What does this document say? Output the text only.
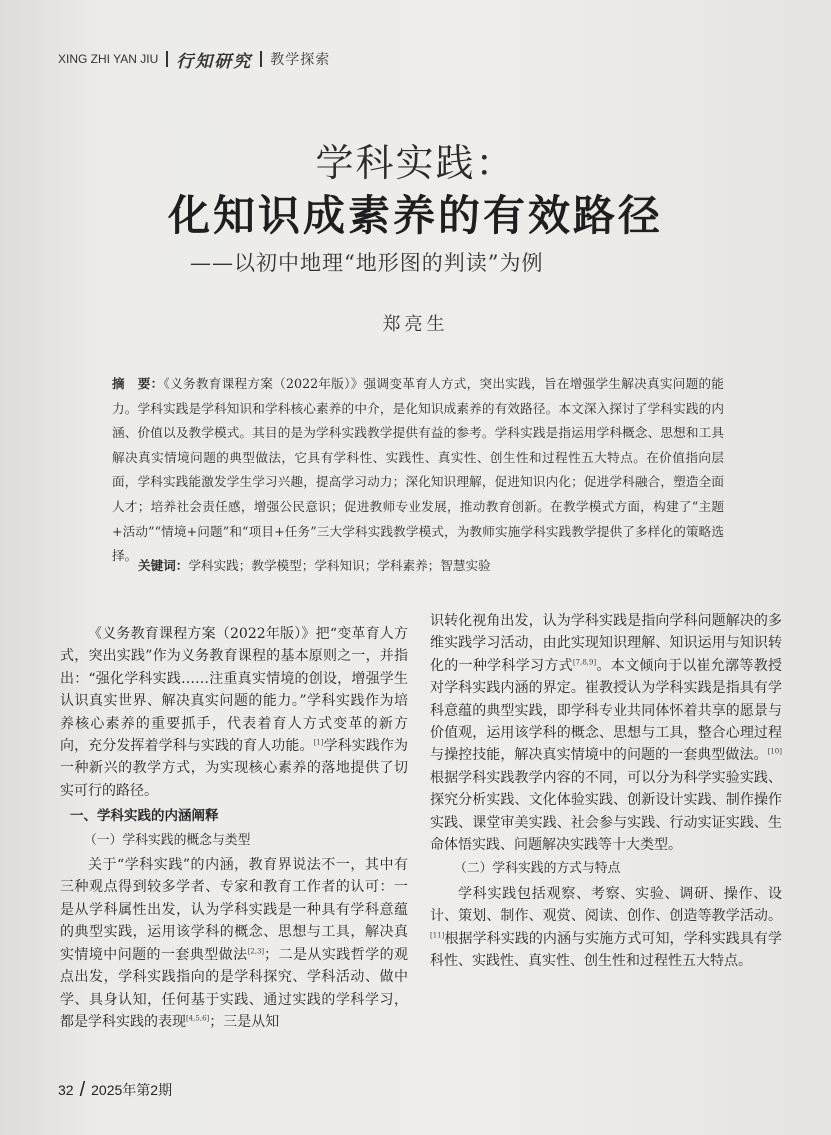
XING ZHI YAN JIU 行知研究 教学探索
学科实践：
化知识成素养的有效路径
——以初中地理“地形图的判读”为例
郑亮生
摘　要：《义务教育课程方案（2022年版）》强调变革育人方式，突出实践，旨在增强学生解决真实问题的能力。学科实践是学科知识和学科核心素养的中介，是化知识成素养的有效路径。本文深入探讨了学科实践的内涵、价值以及教学模式。其目的是为学科实践教学提供有益的参考。学科实践是指运用学科概念、思想和工具解决真实情境问题的典型做法，它具有学科性、实践性、真实性、创生性和过程性五大特点。在价值指向层面，学科实践能激发学生学习兴趣，提高学习动力；深化知识理解，促进知识内化；促进学科融合，塑造全面人才；培养社会责任感，增强公民意识；促进教师专业发展，推动教育创新。在教学模式方面，构建了“主题+活动”“情境+问题”和“项目+任务”三大学科实践教学模式，为教师实施学科实践教学提供了多样化的策略选择。
关键词：学科实践；教学模型；学科知识；学科素养；智慧实验

《义务教育课程方案（2022年版）》把“变革育人方式，突出实践”作为义务教育课程的基本原则之一，并指出：“强化学科实践……注重真实情境的创设，增强学生认识真实世界、解决真实问题的能力。”学科实践作为培养核心素养的重要抓手，代表着育人方式变革的新方向，充分发挥着学科与实践的育人功能。[1]学科实践作为一种新兴的教学方式，为实现核心素养的落地提供了切实可行的路径。

一、学科实践的内涵阐释
（一）学科实践的概念与类型

关于“学科实践”的内涵，教育界说法不一，其中有三种观点得到较多学者、专家和教育工作者的认可：一是从学科属性出发，认为学科实践是一种具有学科意蕴的典型实践，运用该学科的概念、思想与工具，解决真实情境中问题的一套典型做法[2,3]；二是从实践哲学的观点出发，学科实践指向的是学科探究、学科活动、做中学、具身认知，任何基于实践、通过实践的学科学习，都是学科实践的表现[4,5,6]；三是从知

识转化视角出发，认为学科实践是指向学科问题解决的多维实践学习活动，由此实现知识理解、知识运用与知识转化的一种学科学习方式[7,8,9]。本文倾向于以崔允漷等教授对学科实践内涵的界定。崔教授认为学科实践是指具有学科意蕴的典型实践，即学科专业共同体怀着共享的愿景与价值观，运用该学科的概念、思想与工具，整合心理过程与操控技能，解决真实情境中的问题的一套典型做法。[10]根据学科实践教学内容的不同，可以分为科学实验实践、探究分析实践、文化体验实践、创新设计实践、制作操作实践、课堂审美实践、社会参与实践、行动实证实践、生命体悟实践、问题解决实践等十大类型。

（二）学科实践的方式与特点

学科实践包括观察、考察、实验、调研、操作、设计、策划、制作、观赏、阅读、创作、创造等教学活动。[11]根据学科实践的内涵与实施方式可知，学科实践具有学科性、实践性、真实性、创生性和过程性五大特点。

32 / 2025年第2期
